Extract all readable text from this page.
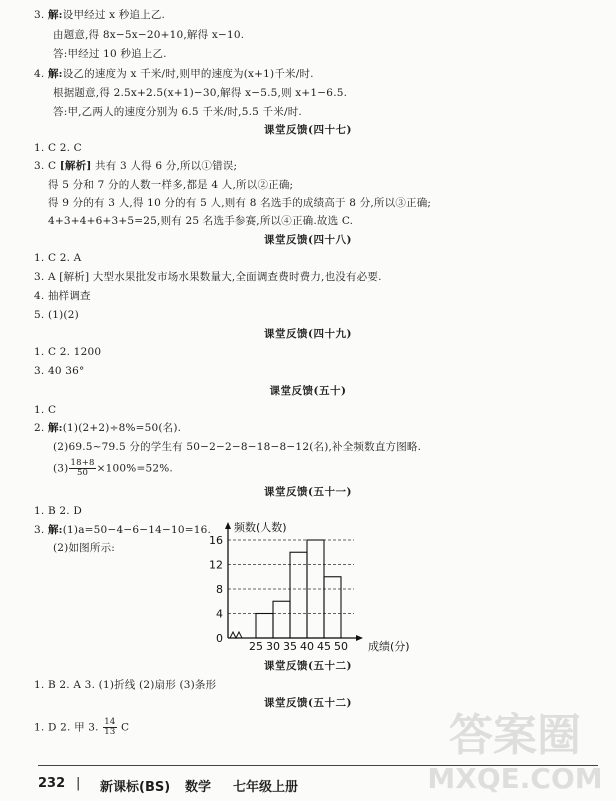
3. 解:设甲经过 x 秒追上乙.
由题意,得 8x−5x−20+10,解得 x−10.
答:甲经过 10 秒追上乙.
4. 解:设乙的速度为 x 千米/时,则甲的速度为(x+1)千米/时.
根据题意,得 2.5x+2.5(x+1)−30,解得 x−5.5,则 x+1−6.5.
答:甲,乙两人的速度分别为 6.5 千米/时,5.5 千米/时.
课堂反馈(四十七)
1. C 2. C
3. C [解析] 共有 3 人得 6 分,所以①错误;
得 5 分和 7 分的人数一样多,都是 4 人,所以②正确;
得 9 分的有 3 人,得 10 分的有 5 人,则有 8 名选手的成绩高于 8 分,所以③正确;
4+3+4+6+3+5=25,则有 25 名选手参赛,所以④正确.故选 C.
课堂反馈(四十八)
1. C 2. A
3. A [解析] 大型水果批发市场水果数量大,全面调查费时费力,也没有必要.
4. 抽样调查
5. (1)(2)
课堂反馈(四十九)
1. C 2. 1200
3. 40 36°
课堂反馈(五十)
1. C
2. 解:(1)(2+2)÷8%=50(名).
(2)69.5~79.5 分的学生有 50−2−2−8−18−8−12(名),补全频数直方图略.
$(3) \frac{18+8}{50} \times 100\%=52\%$.
课堂反馈(五十一)
1. B 2. D
3. 解:(1)a=50−4−6−14−10=16.
(2)如图所示:
0
4
8
12
16
25 30 35 40 45 50
频数(人数)
成绩(分)
课堂反馈(五十二)
1. B 2. A 3. (1)折线 (2)扇形 (3)条形
课堂反馈(五十二)
1. D 2. 甲 3. $\frac{14}{13}$ C	答案圈
MXQE.COM
232 | 新课标(BS) 数学 七年级上册
